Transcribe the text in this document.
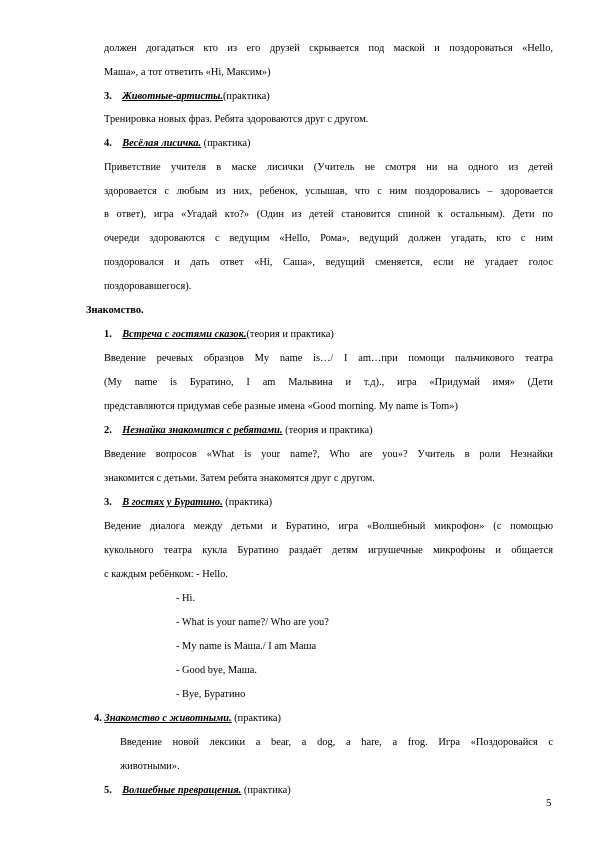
должен догадаться кто из его друзей скрывается под маской и поздороваться «Hello,
Маша», а тот ответить «Hi, Максим»)
3. Животные-артисты.(практика)
Тренировка новых фраз. Ребята здороваются друг с другом.
4. Весёлая лисичка. (практика)
Приветствие учителя в маске лисички (Учитель не смотря ни на одного из детей
здоровается с любым из них, ребенок, услышав, что с ним поздоровались – здоровается
в ответ), игра «Угадай кто?» (Один из детей становится спиной к остальным). Дети по
очереди здороваются с ведущим «Hello, Рома», ведущий должен угадать, кто с ним
поздоровался и дать ответ «Hi, Саша», ведущий сменяется, если не угадает голос
поздоровавшегося).
Знакомство.
1. Встреча с гостями сказок.(теория и практика)
Введение речевых образцов My name is…/ I am…при помощи пальчикового театра
(My name is Буратино, I am Мальвина и т.д)., игра «Придумай имя» (Дети
представляются придумав себе разные имена «Good morning. My name is Tom»)
2. Незнайка знакомится с ребятами. (теория и практика)
Введение вопросов «What is your name?, Who are you»? Учитель в роли Незнайки
знакомится с детьми. Затем ребята знакомятся друг с другом.
3. В гостях у Буратино. (практика)
Ведение диалога между детьми и Буратино, игра «Волшебный микрофон» (с помощью
кукольного театра кукла Буратино раздаёт детям игрушечные микрофоны и общается
с каждым ребёнком: - Hello.
- Hi.
- What is your name?/ Who are you?
- My name is Маша./ I am Маша
- Good bye, Маша.
- Bye, Буратино
4. Знакомство с животными. (практика)
Введение новой лексики a bear, a dog, a hare, a frog. Игра «Поздоровайся с
животными».
5. Волшебные превращения. (практика)
5
